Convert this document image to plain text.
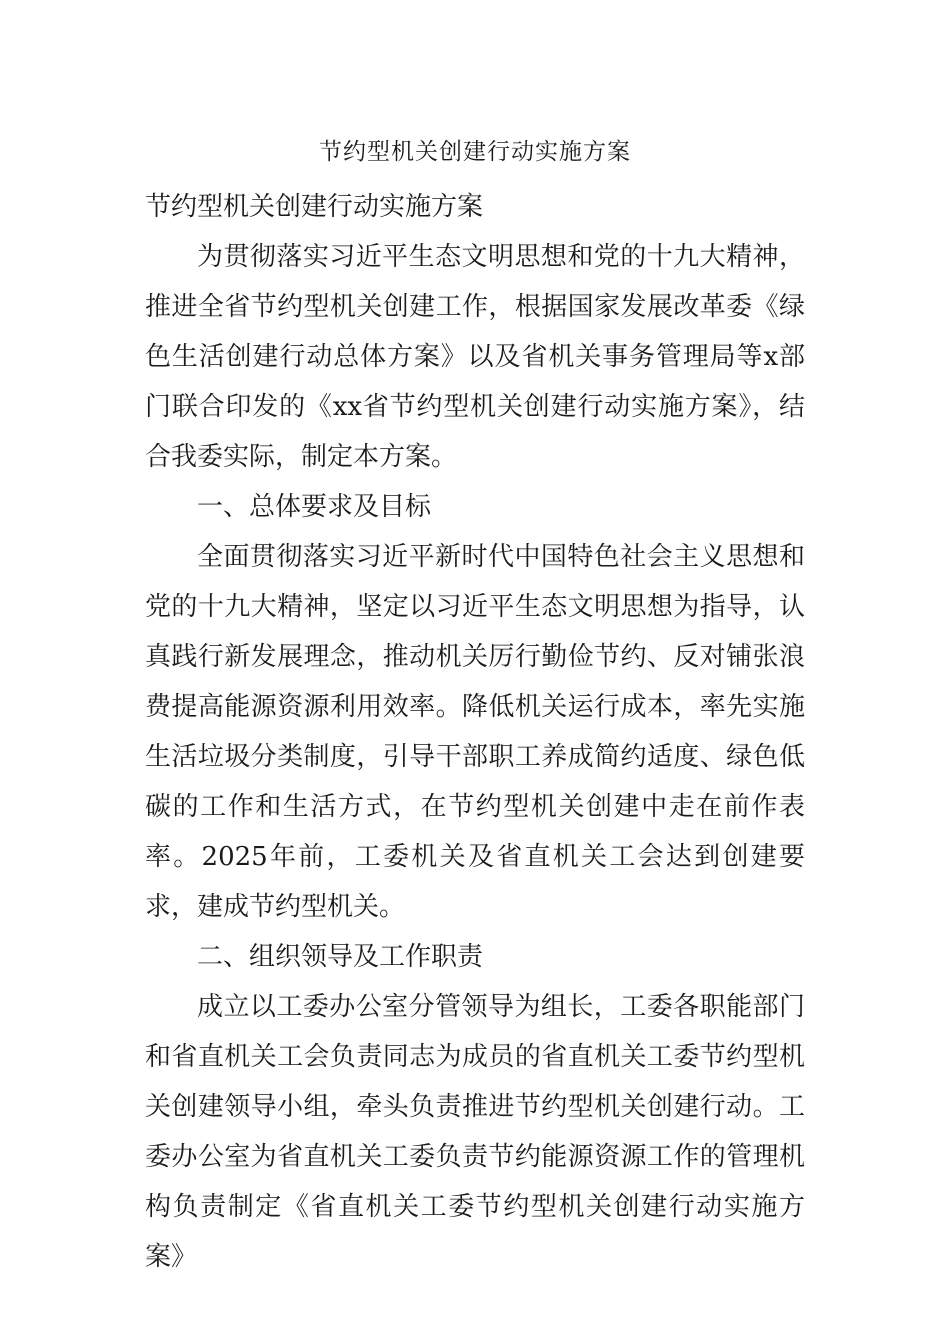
节约型机关创建行动实施方案

节约型机关创建行动实施方案

为贯彻落实习近平生态文明思想和党的十九大精神，推进全省节约型机关创建工作，根据国家发展改革委《绿色生活创建行动总体方案》以及省机关事务管理局等x部门联合印发的《xx省节约型机关创建行动实施方案》，结合我委实际，制定本方案。

一、总体要求及目标

全面贯彻落实习近平新时代中国特色社会主义思想和党的十九大精神，坚定以习近平生态文明思想为指导，认真践行新发展理念，推动机关厉行勤俭节约、反对铺张浪费提高能源资源利用效率。降低机关运行成本，率先实施生活垃圾分类制度，引导干部职工养成简约适度、绿色低碳的工作和生活方式，在节约型机关创建中走在前作表率。2025年前，工委机关及省直机关工会达到创建要求，建成节约型机关。

二、组织领导及工作职责

成立以工委办公室分管领导为组长，工委各职能部门和省直机关工会负责同志为成员的省直机关工委节约型机关创建领导小组，牵头负责推进节约型机关创建行动。工委办公室为省直机关工委负责节约能源资源工作的管理机构负责制定《省直机关工委节约型机关创建行动实施方案》
